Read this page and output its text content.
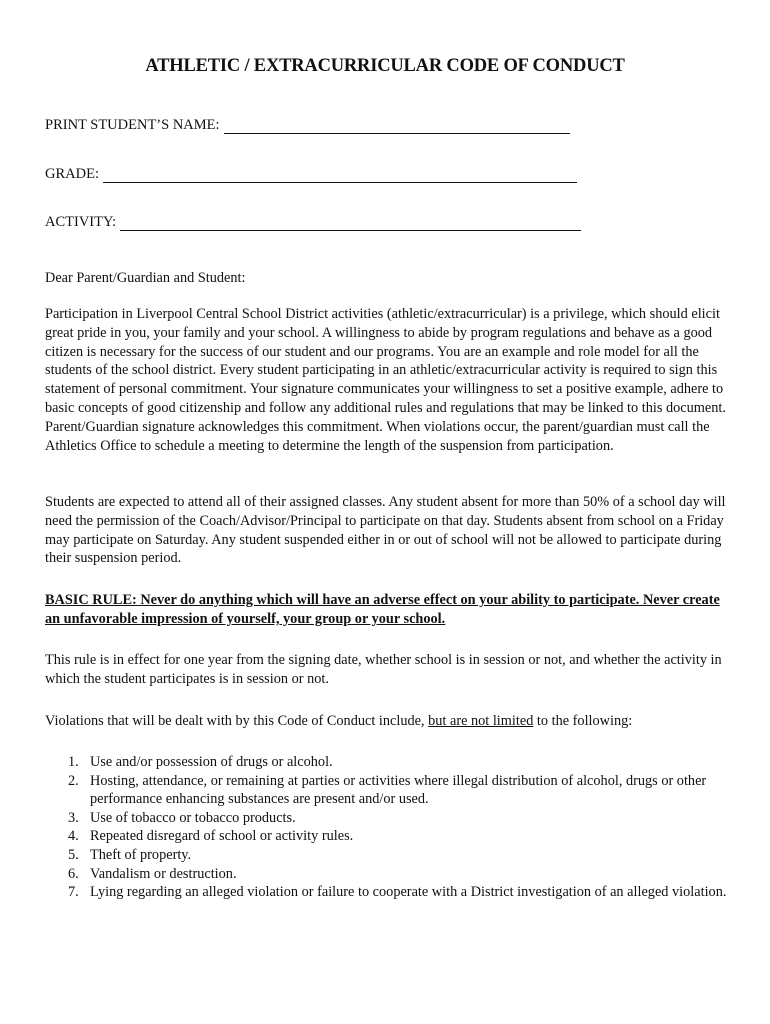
ATHLETIC / EXTRACURRICULAR CODE OF CONDUCT
PRINT STUDENT’S NAME:
GRADE:
ACTIVITY:

Dear Parent/Guardian and Student:

Participation in Liverpool Central School District activities (athletic/extracurricular) is a privilege, which should elicit great pride in you, your family and your school. A willingness to abide by program regulations and behave as a good citizen is necessary for the success of our student and our programs. You are an example and role model for all the students of the school district. Every student participating in an athletic/extracurricular activity is required to sign this statement of personal commitment. Your signature communicates your willingness to set a positive example, adhere to basic concepts of good citizenship and follow any additional rules and regulations that may be linked to this document. Parent/Guardian signature acknowledges this commitment. When violations occur, the parent/guardian must call the Athletics Office to schedule a meeting to determine the length of the suspension from participation.

Students are expected to attend all of their assigned classes. Any student absent for more than 50% of a school day will need the permission of the Coach/Advisor/Principal to participate on that day. Students absent from school on a Friday may participate on Saturday. Any student suspended either in or out of school will not be allowed to participate during their suspension period.

BASIC RULE: Never do anything which will have an adverse effect on your ability to participate. Never create an unfavorable impression of yourself, your group or your school.

This rule is in effect for one year from the signing date, whether school is in session or not, and whether the activity in which the student participates is in session or not.

Violations that will be dealt with by this Code of Conduct include, but are not limited to the following:

1. Use and/or possession of drugs or alcohol.
2. Hosting, attendance, or remaining at parties or activities where illegal distribution of alcohol, drugs or other performance enhancing substances are present and/or used.
3. Use of tobacco or tobacco products.
4. Repeated disregard of school or activity rules.
5. Theft of property.
6. Vandalism or destruction.
7. Lying regarding an alleged violation or failure to cooperate with a District investigation of an alleged violation.
